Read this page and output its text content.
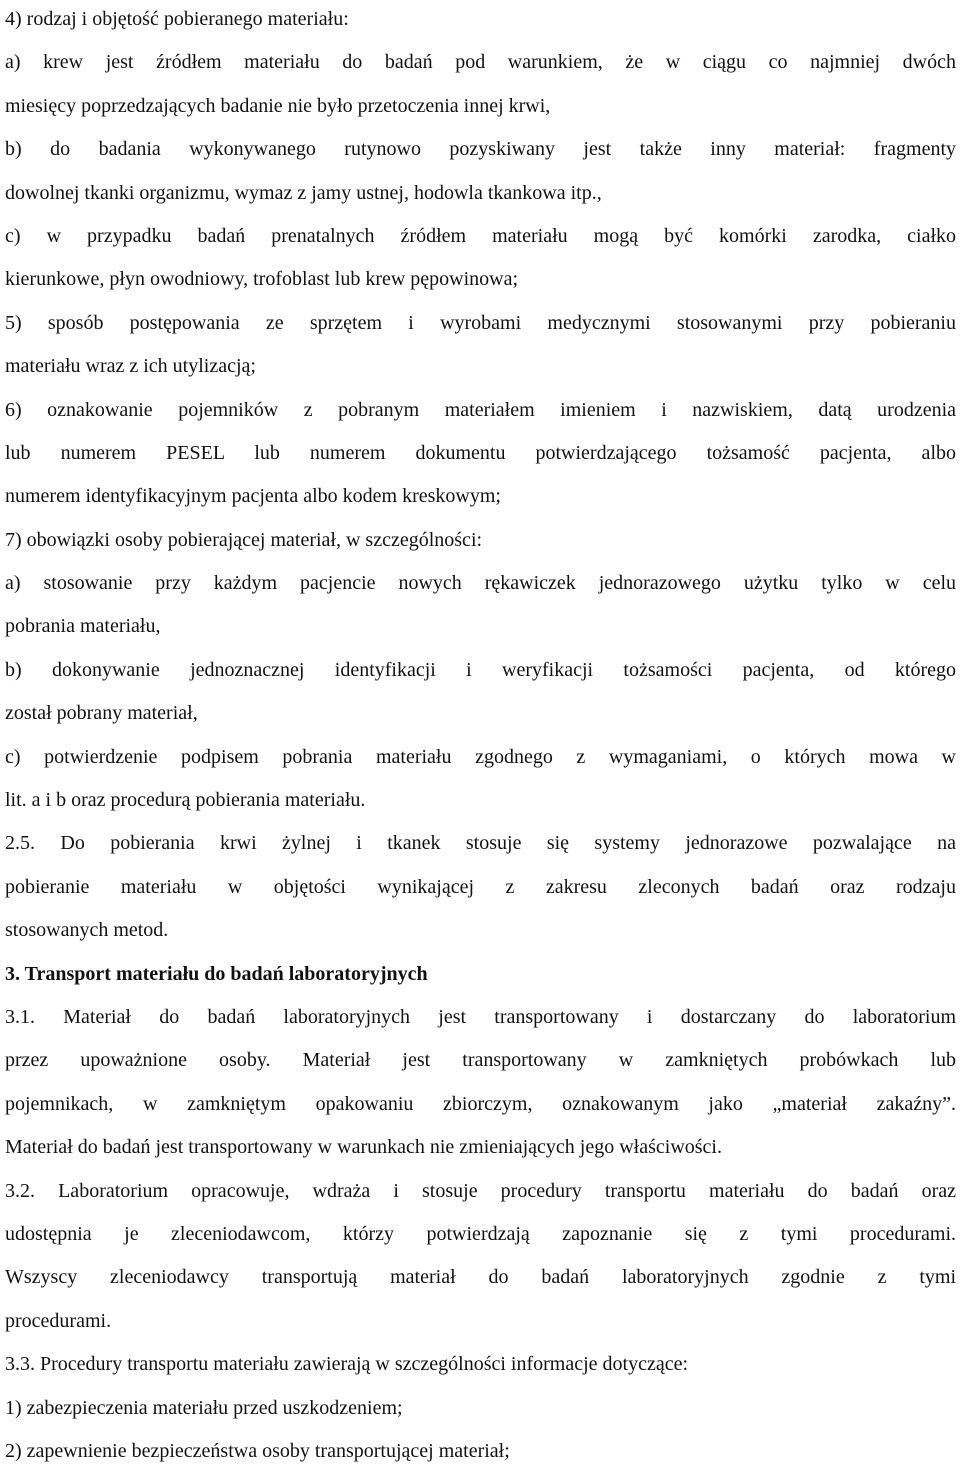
4) rodzaj i objętość pobieranego materiału:
a) krew jest źródłem materiału do badań pod warunkiem, że w ciągu co najmniej dwóch
miesięcy poprzedzających badanie nie było przetoczenia innej krwi,
b) do badania wykonywanego rutynowo pozyskiwany jest także inny materiał: fragmenty
dowolnej tkanki organizmu, wymaz z jamy ustnej, hodowla tkankowa itp.,
c) w przypadku badań prenatalnych źródłem materiału mogą być komórki zarodka, ciałko
kierunkowe, płyn owodniowy, trofoblast lub krew pępowinowa;
5) sposób postępowania ze sprzętem i wyrobami medycznymi stosowanymi przy pobieraniu
materiału wraz z ich utylizacją;
6) oznakowanie pojemników z pobranym materiałem imieniem i nazwiskiem, datą urodzenia
lub numerem PESEL lub numerem dokumentu potwierdzającego tożsamość pacjenta, albo
numerem identyfikacyjnym pacjenta albo kodem kreskowym;
7) obowiązki osoby pobierającej materiał, w szczególności:
a) stosowanie przy każdym pacjencie nowych rękawiczek jednorazowego użytku tylko w celu
pobrania materiału,
b) dokonywanie jednoznacznej identyfikacji i weryfikacji tożsamości pacjenta, od którego
został pobrany materiał,
c) potwierdzenie podpisem pobrania materiału zgodnego z wymaganiami, o których mowa w
lit. a i b oraz procedurą pobierania materiału.
2.5. Do pobierania krwi żylnej i tkanek stosuje się systemy jednorazowe pozwalające na
pobieranie materiału w objętości wynikającej z zakresu zleconych badań oraz rodzaju
stosowanych metod.
3. Transport materiału do badań laboratoryjnych
3.1. Materiał do badań laboratoryjnych jest transportowany i dostarczany do laboratorium
przez upoważnione osoby. Materiał jest transportowany w zamkniętych probówkach lub
pojemnikach, w zamkniętym opakowaniu zbiorczym, oznakowanym jako „materiał zakaźny”.
Materiał do badań jest transportowany w warunkach nie zmieniających jego właściwości.
3.2. Laboratorium opracowuje, wdraża i stosuje procedury transportu materiału do badań oraz
udostępnia je zleceniodawcom, którzy potwierdzają zapoznanie się z tymi procedurami.
Wszyscy zleceniodawcy transportują materiał do badań laboratoryjnych zgodnie z tymi
procedurami.
3.3. Procedury transportu materiału zawierają w szczególności informacje dotyczące:
1) zabezpieczenia materiału przed uszkodzeniem;
2) zapewnienie bezpieczeństwa osoby transportującej materiał;
